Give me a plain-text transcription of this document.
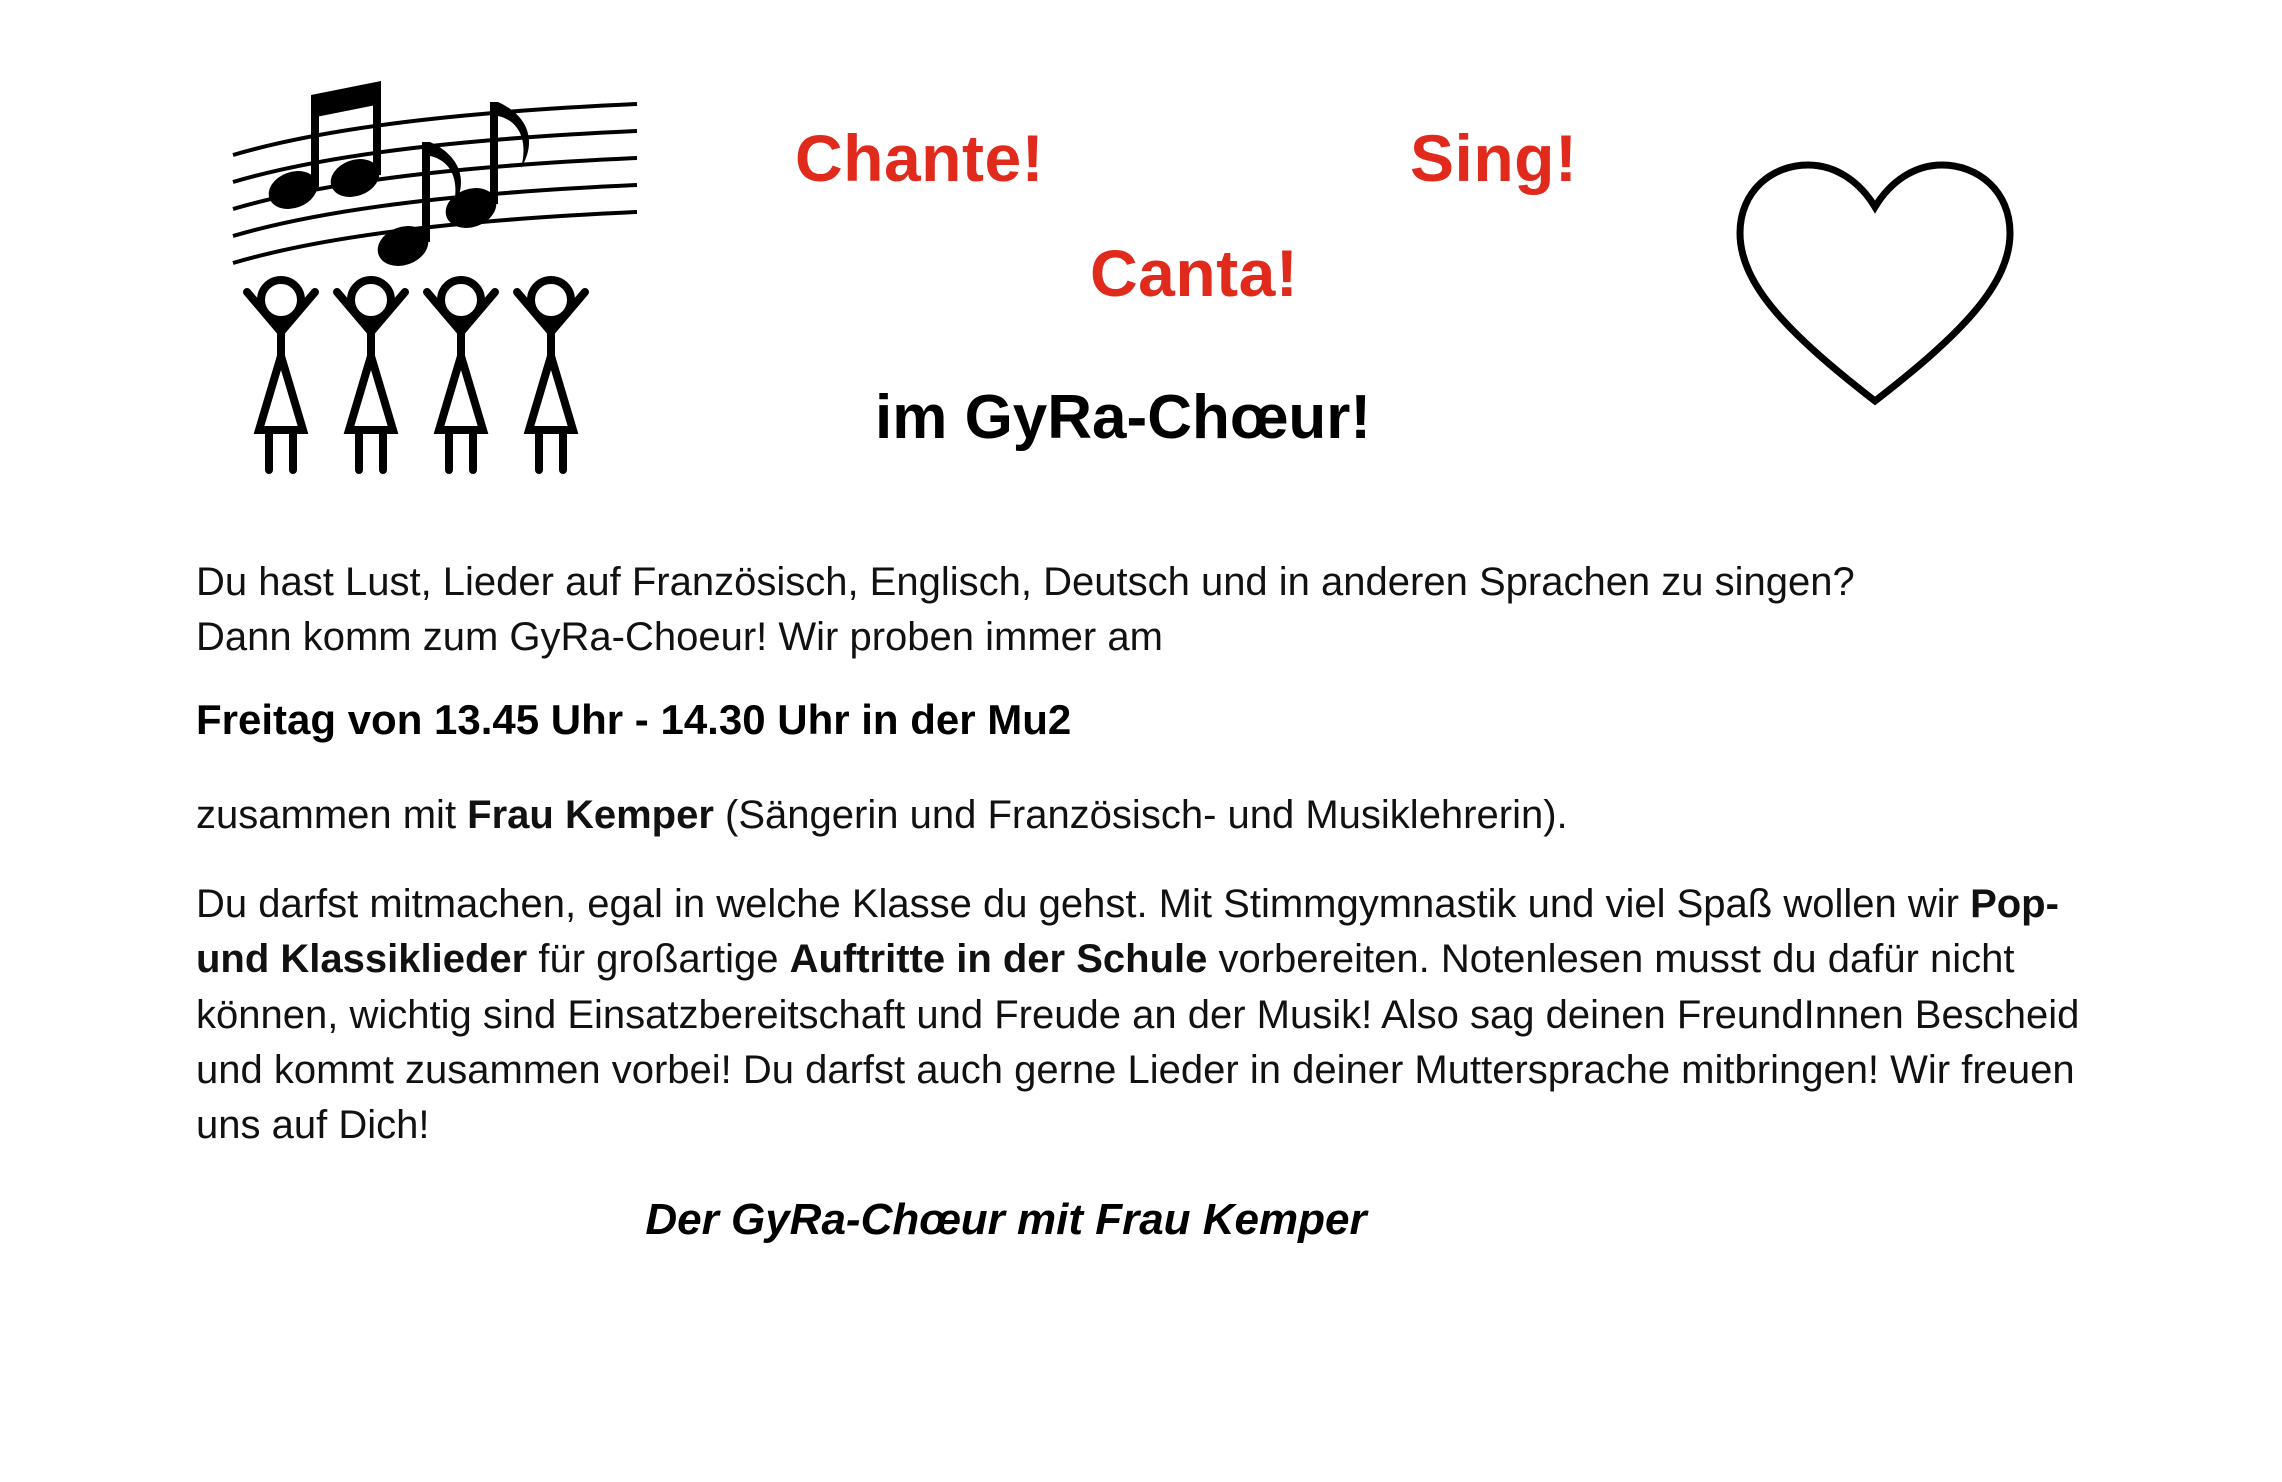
Chante!	Sing!
Canta!
im GyRa-Chœur!

Du hast Lust, Lieder auf Französisch, Englisch, Deutsch und in anderen Sprachen zu singen?
Dann komm zum GyRa-Choeur! Wir proben immer am

Freitag von 13.45 Uhr - 14.30 Uhr in der Mu2

zusammen mit Frau Kemper (Sängerin und Französisch- und Musiklehrerin).

Du darfst mitmachen, egal in welche Klasse du gehst. Mit Stimmgymnastik und viel Spaß wollen wir Pop- und Klassiklieder für großartige Auftritte in der Schule vorbereiten. Notenlesen musst du dafür nicht können, wichtig sind Einsatzbereitschaft und Freude an der Musik! Also sag deinen FreundInnen Bescheid und kommt zusammen vorbei! Du darfst auch gerne Lieder in deiner Muttersprache mitbringen! Wir freuen uns auf Dich!

Der GyRa-Chœur mit Frau Kemper
